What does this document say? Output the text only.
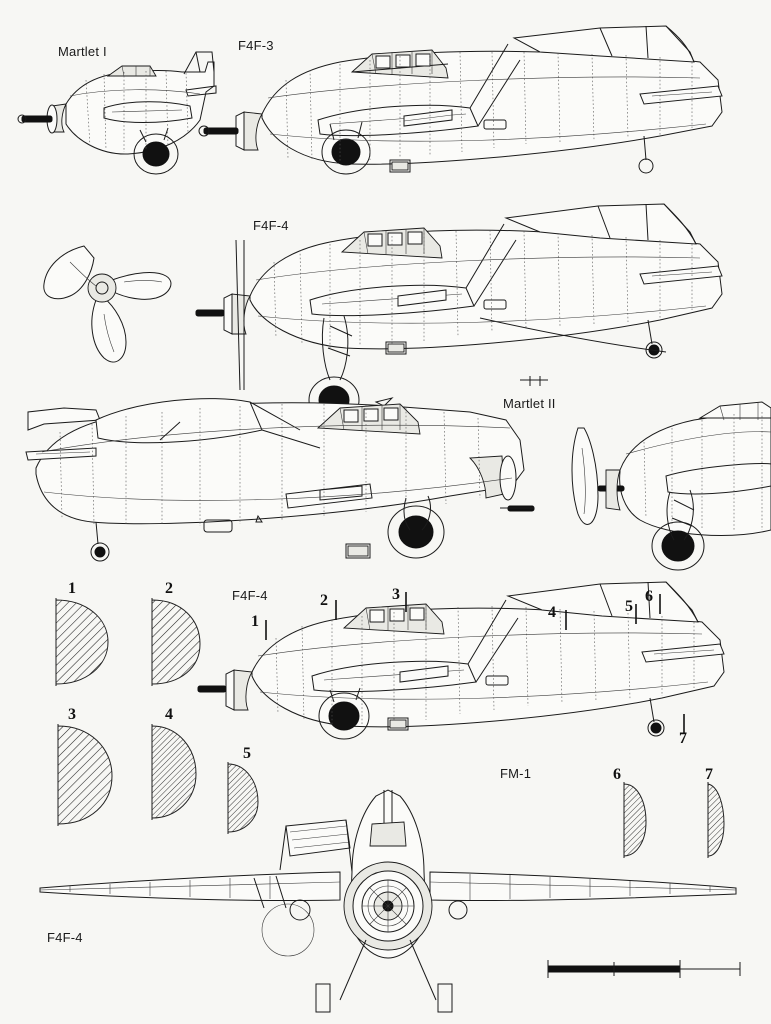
Martlet I	F4F-3
F4F-4
Martlet II
F4F-4
FM-1
F4F-4
1	2
3	4
5
1
2	3
4	5
6
7
6	7
